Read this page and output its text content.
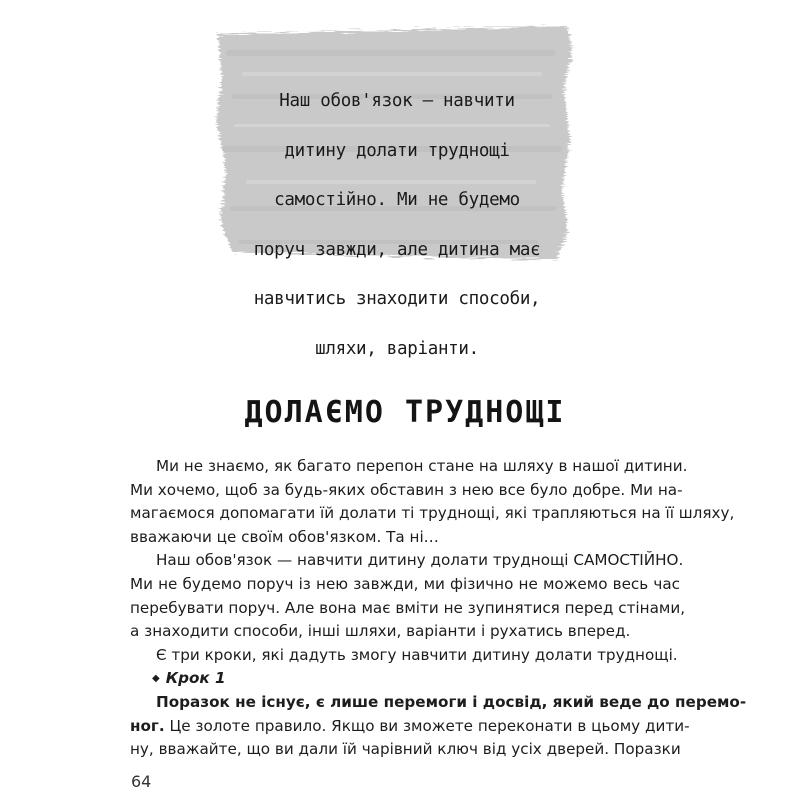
Наш обов'язок — навчити

дитину долати труднощі

самостійно. Ми не будемо

поруч завжди, але дитина має

навчитись знаходити способи,

шляхи, варіанти.

ДОЛАЄМО ТРУДНОЩІ
Ми не знаємо, як багато перепон стане на шляху в нашої дитини.
Ми хочемо, щоб за будь-яких обставин з нею все було добре. Ми на-
магаємося допомагати їй долати ті труднощі, які трапляються на її шляху,
вважаючи це своїм обов'язком. Та ні…
Наш обов'язок — навчити дитину долати труднощі САМОСТІЙНО.
Ми не будемо поруч із нею завжди, ми фізично не можемо весь час
перебувати поруч. Але вона має вміти не зупинятися перед стінами,
а знаходити способи, інші шляхи, варіанти і рухатись вперед.
Є три кроки, які дадуть змогу навчити дитину долати труднощі.
◆ Крок 1
Поразок не існує, є лише перемоги і досвід, який веде до перемо-
ног. Це золоте правило. Якщо ви зможете переконати в цьому дити-
ну, вважайте, що ви дали їй чарівний ключ від усіх дверей. Поразки
64
